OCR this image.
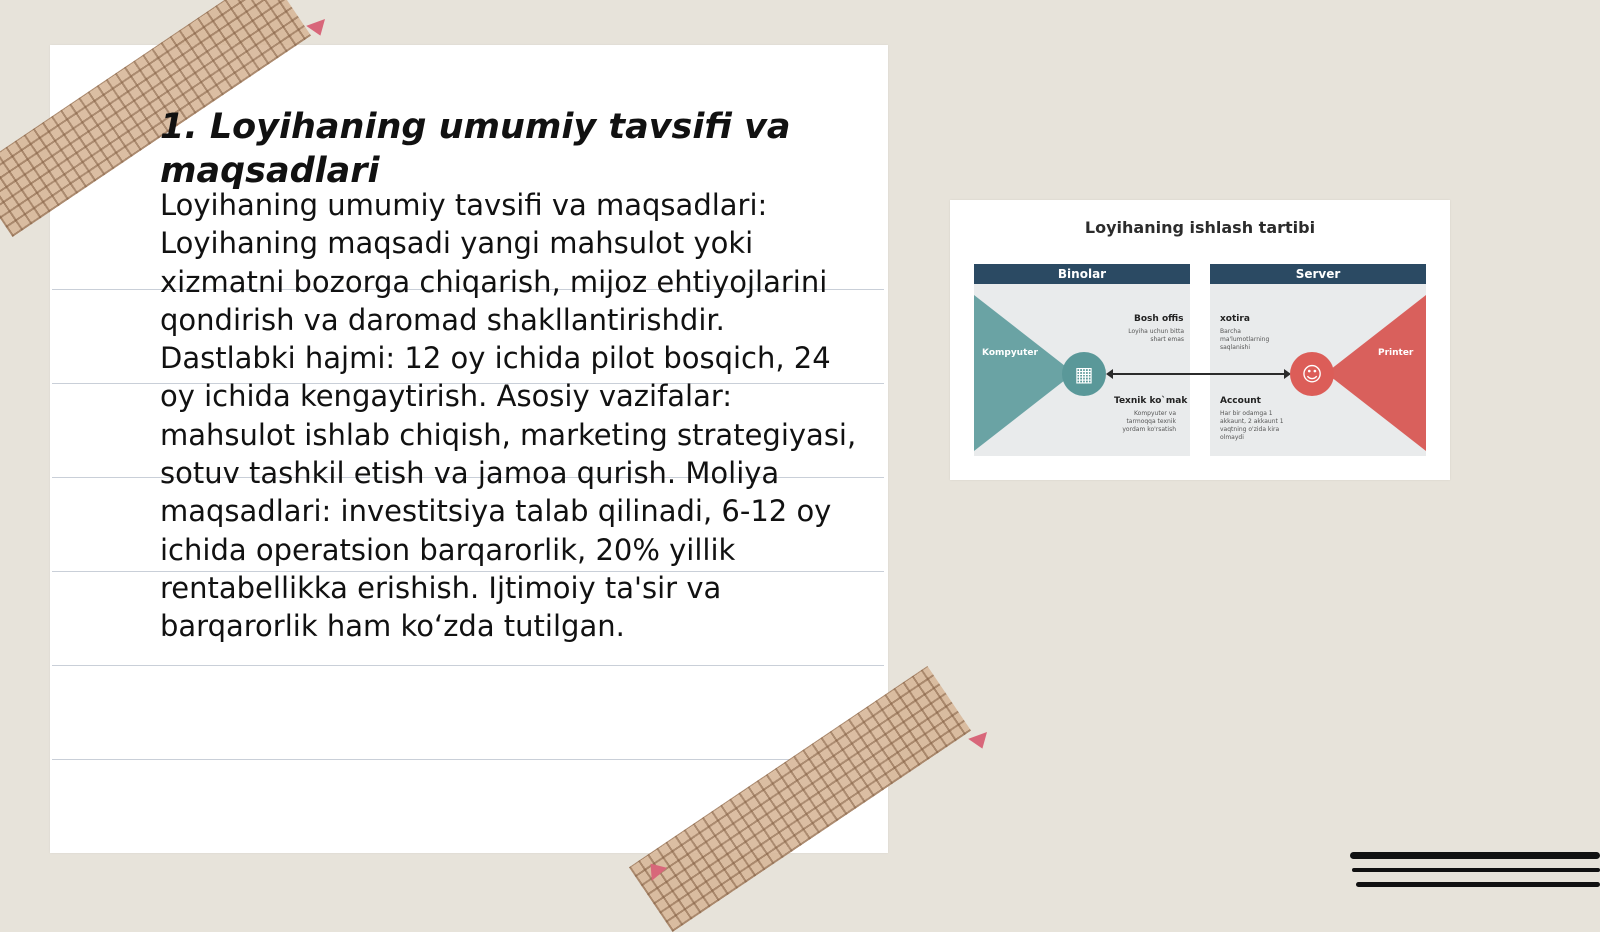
1. Loyihaning umumiy tavsifi va maqsadlari

Loyihaning umumiy tavsifi va maqsadlari: Loyihaning maqsadi yangi mahsulot yoki xizmatni bozorga chiqarish, mijoz ehtiyojlarini qondirish va daromad shakllantirishdir. Dastlabki hajmi: 12 oy ichida pilot bosqich, 24 oy ichida kengaytirish. Asosiy vazifalar: mahsulot ishlab chiqish, marketing strategiyasi, sotuv tashkil etish va jamoa qurish. Moliya maqsadlari: investitsiya talab qilinadi, 6-12 oy ichida operatsion barqarorlik, 20% yillik rentabellikka erishish. Ijtimoiy ta'sir va barqarorlik ham ko‘zda tutilgan.

Loyihaning ishlash tartibi
Binolar	Server
Kompyuter	Printer
▦	☺
Bosh offis
Loyiha uchun bitta shart emas
Texnik ko`mak
Kompyuter va tarmoqqa texnik yordam ko'rsatish
xotira
Barcha ma'lumotlarning saqlanishi
Account
Har bir odamga 1 akkaunt, 2 akkaunt 1 vaqtning o'zida kira olmaydi
